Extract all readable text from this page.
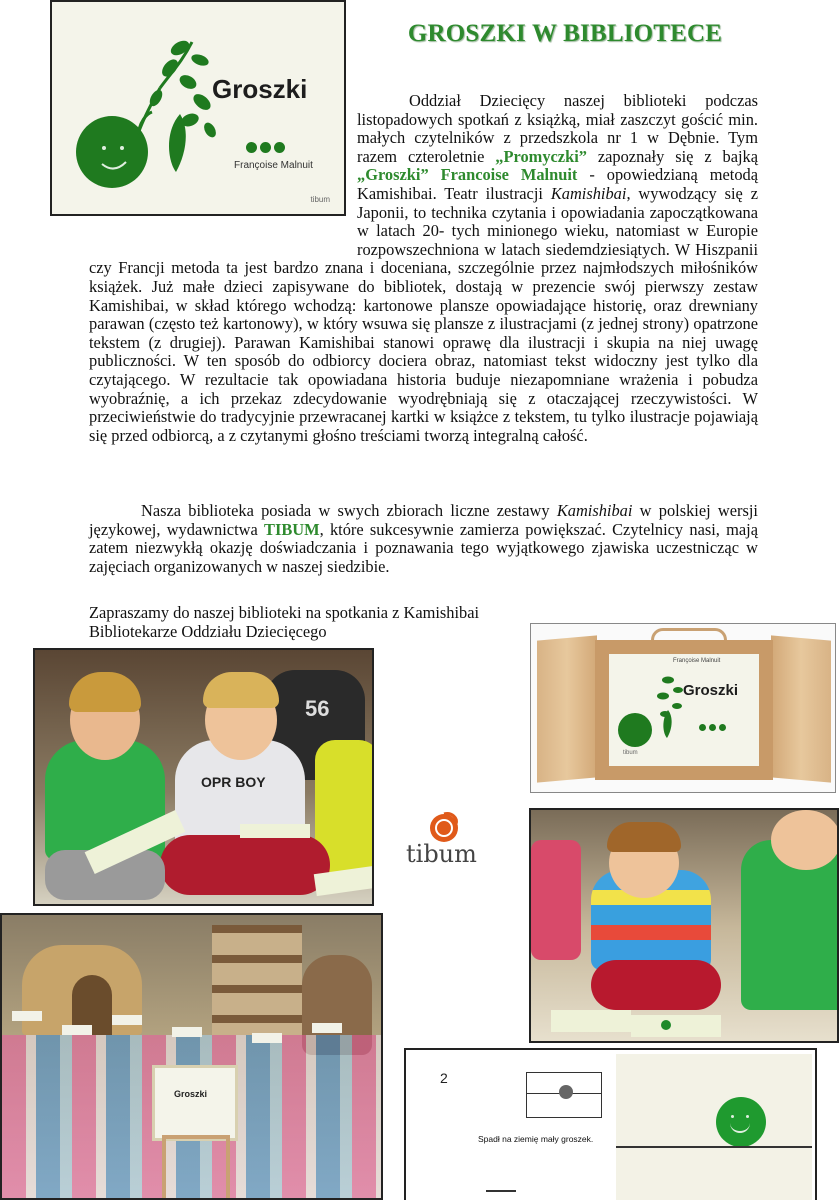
GROSZKI W BIBLIOTECE
Groszki
Françoise Malnuit
tibum
Oddział Dziecięcy naszej biblioteki podczas listopadowych spotkań z książką, miał zaszczyt gościć min. małych czytelników z przedszkola nr 1 w Dębnie. Tym razem czteroletnie „Promyczki” zapoznały się z bajką „Groszki” Francoise Malnuit - opowiedzianą metodą Kamishibai. Teatr ilustracji Kamishibai, wywodzący się z Japonii, to technika czytania i opowiadania zapoczątkowana w latach 20- tych minionego wieku, natomiast w Europie rozpowszechniona w latach siedemdziesiątych. W Hiszpanii czy Francji metoda ta jest bardzo znana i doceniana, szczególnie przez najmłodszych miłośników książek. Już małe dzieci zapisywane do bibliotek, dostają w prezencie swój pierwszy zestaw Kamishibai, w skład którego wchodzą: kartonowe plansze opowiadające historię, oraz drewniany parawan (często też kartonowy), w który wsuwa się plansze z ilustracjami (z jednej strony) opatrzone tekstem (z drugiej). Parawan Kamishibai stanowi oprawę dla ilustracji i skupia na niej uwagę publiczności. W ten sposób do odbiorcy dociera obraz, natomiast tekst widoczny jest tylko dla czytającego. W rezultacie tak opowiadana historia buduje niezapomniane wrażenia i pobudza wyobraźnię, a ich przekaz zdecydowanie wyodrębniają się z otaczającej rzeczywistości. W przeciwieństwie do tradycyjnie przewracanej kartki w książce z tekstem, tu tylko ilustracje pojawiają się przed odbiorcą, a z czytanymi głośno treściami tworzą integralną całość.
Nasza biblioteka posiada w swych zbiorach liczne zestawy Kamishibai w polskiej wersji językowej, wydawnictwa TIBUM, które sukcesywnie zamierza powiększać. Czytelnicy nasi, mają zatem niezwykłą okazję doświadczania i poznawania tego wyjątkowego zjawiska uczestnicząc w zajęciach organizowanych w naszej siedzibie.
Zapraszamy do naszej biblioteki na spotkania z Kamishibai
Bibliotekarze Oddziału Dziecięcego
56
OPR BOY
Françoise Malnuit
Groszki
tibum
tibum
Groszki
2
Spadł na ziemię mały groszek.
